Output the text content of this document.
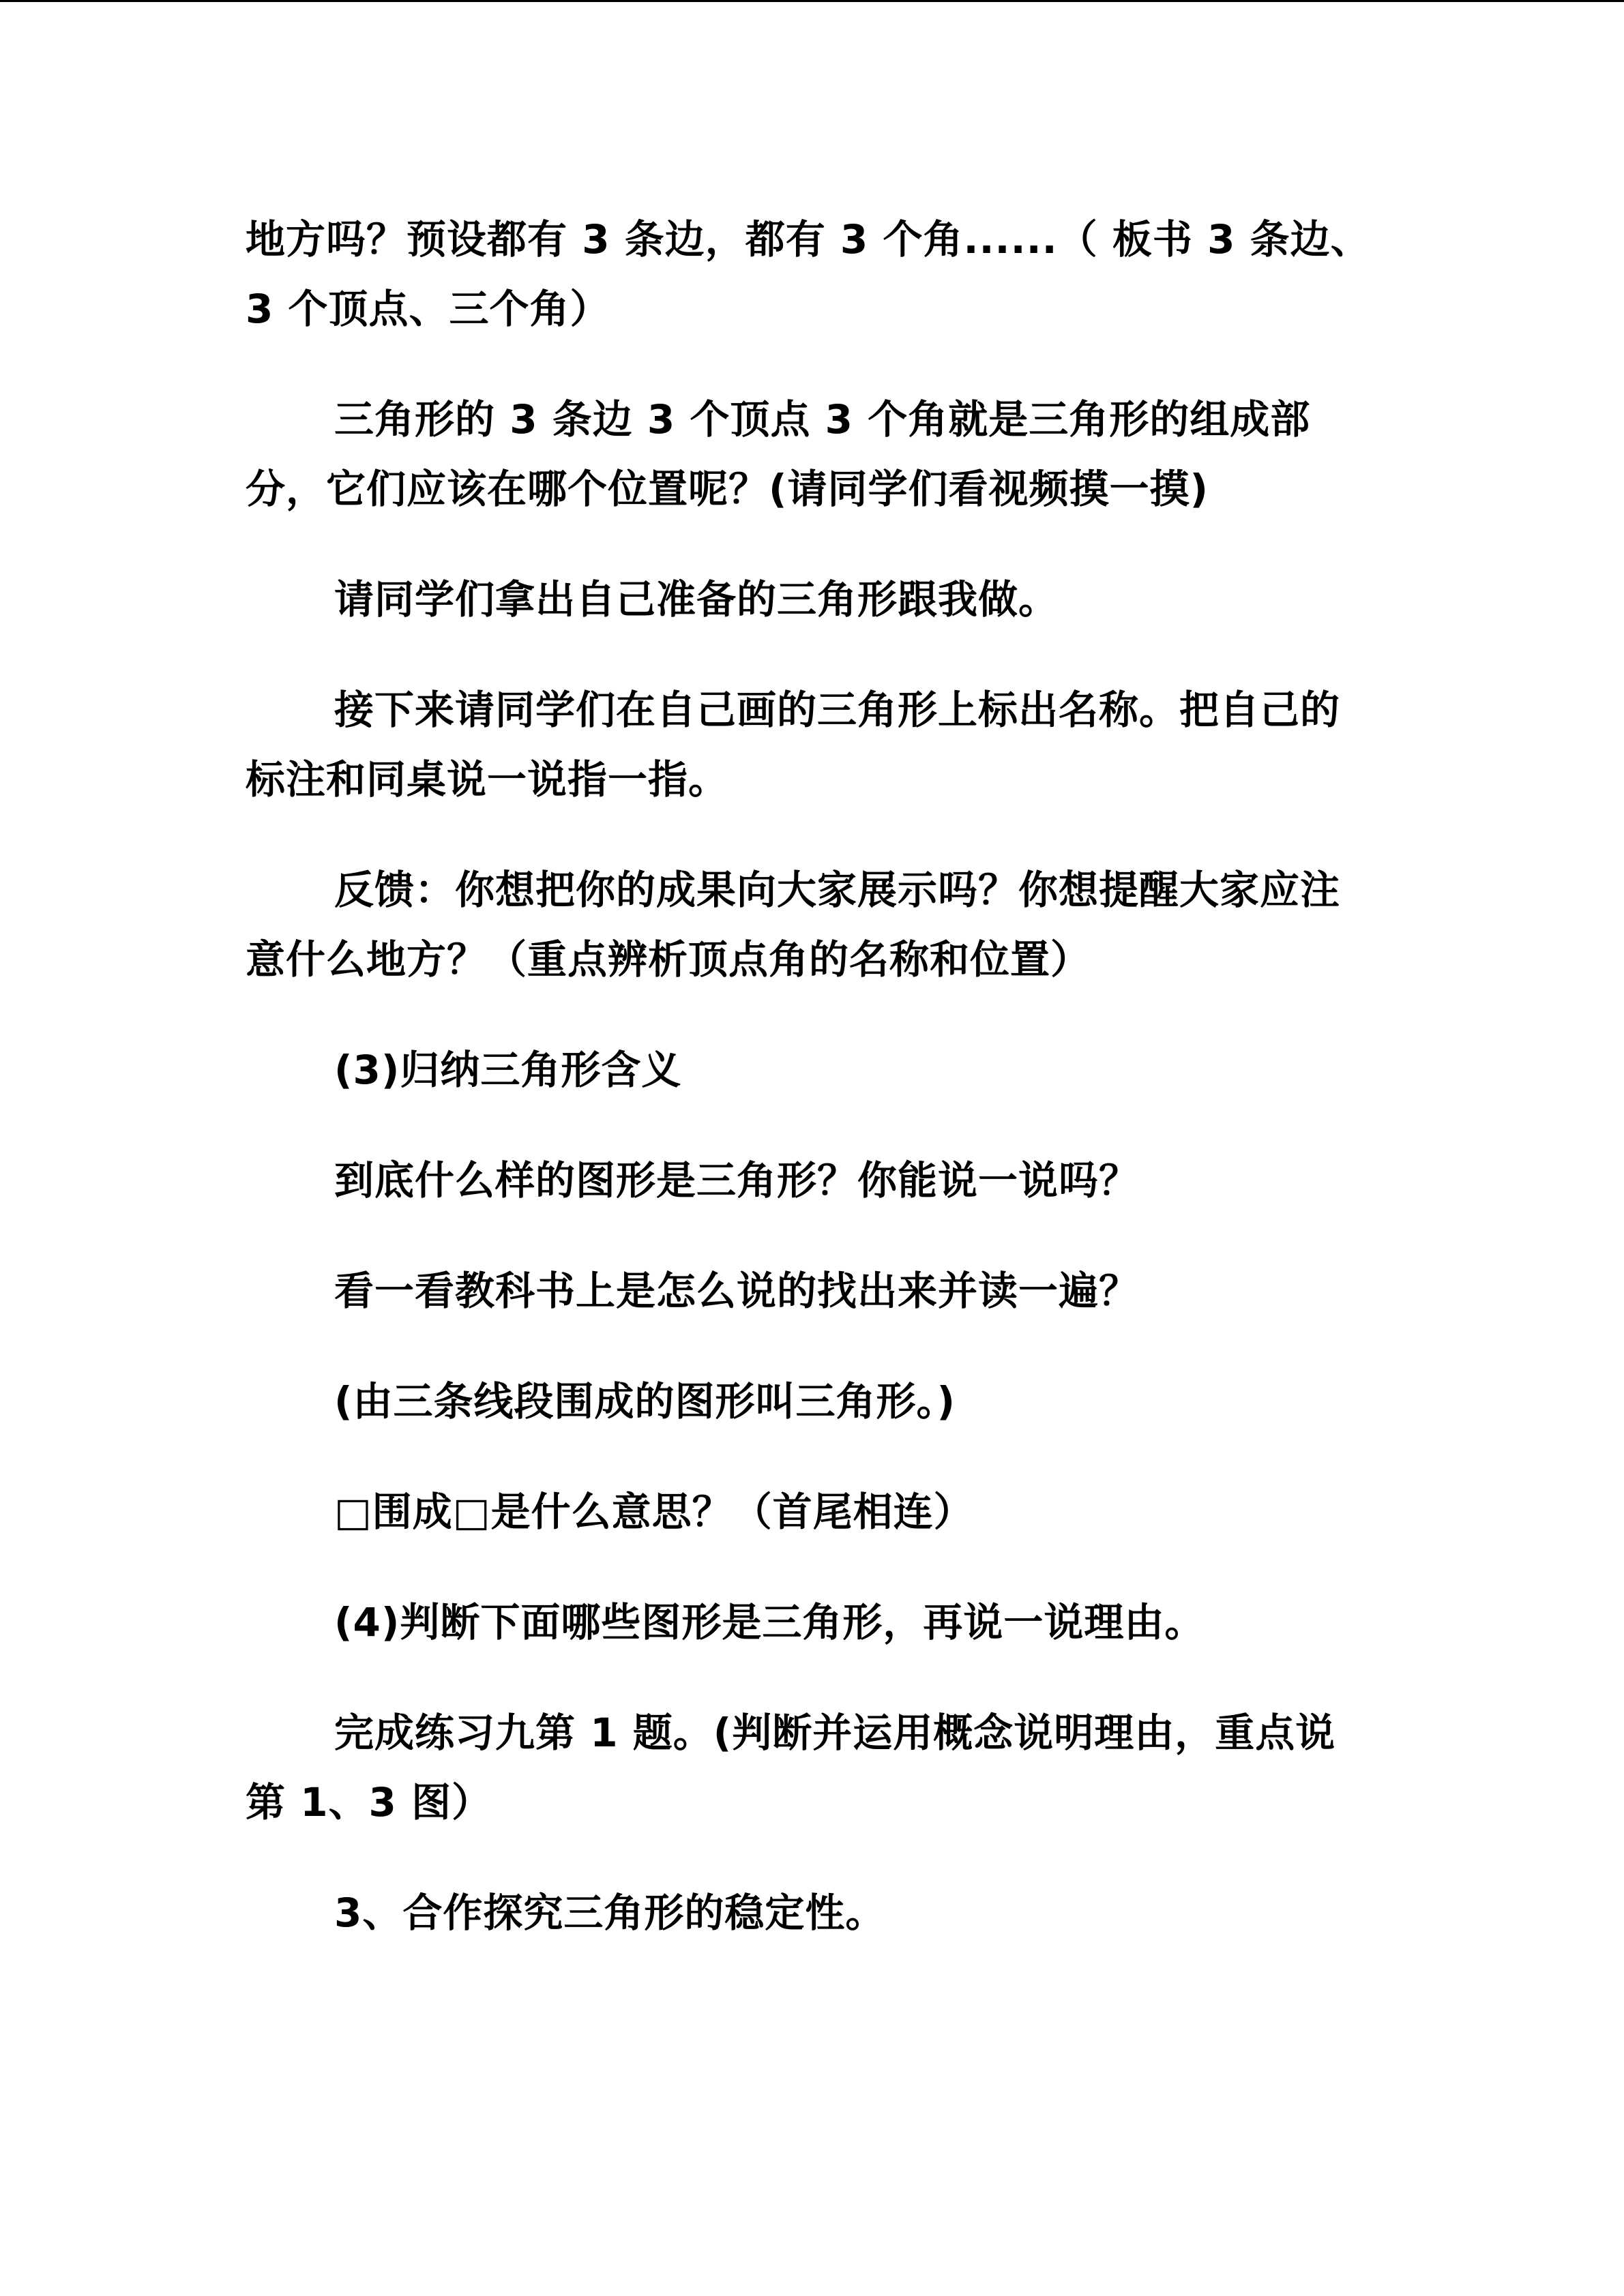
地方吗？预设都有 3 条边，都有 3 个角......（ 板书 3 条边、3 个顶点、三个角）

三角形的 3 条边 3 个顶点 3 个角就是三角形的组成部分，它们应该在哪个位置呢？(请同学们看视频摸一摸)

请同学们拿出自己准备的三角形跟我做。

接下来请同学们在自己画的三角形上标出名称。把自己的标注和同桌说一说指一指。

反馈：你想把你的成果向大家展示吗？你想提醒大家应注意什么地方？（重点辨析顶点角的名称和位置）

(3)归纳三角形含义

到底什么样的图形是三角形？你能说一说吗？

看一看教科书上是怎么说的找出来并读一遍？

(由三条线段围成的图形叫三角形。)

□围成□是什么意思？（首尾相连）

(4)判断下面哪些图形是三角形，再说一说理由。

完成练习九第 1 题。(判断并运用概念说明理由，重点说第 1、3 图）

3、合作探究三角形的稳定性。
